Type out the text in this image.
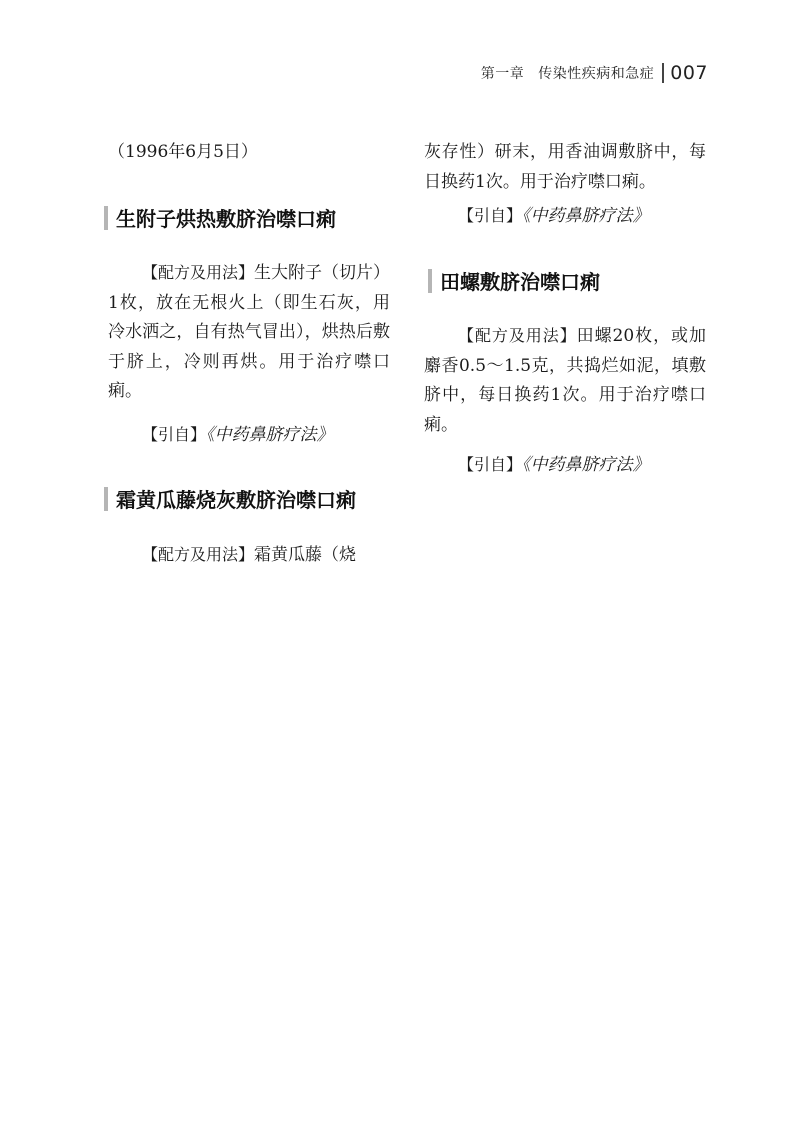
第一章 传染性疾病和急症 007

（1996年6月5日）

生附子烘热敷脐治噤口痢

【配方及用法】生大附子（切片）1枚，放在无根火上（即生石灰，用冷水洒之，自有热气冒出），烘热后敷于脐上，冷则再烘。用于治疗噤口痢。

【引自】《中药鼻脐疗法》

霜黄瓜藤烧灰敷脐治噤口痢

【配方及用法】霜黄瓜藤（烧

灰存性）研末，用香油调敷脐中，每日换药1次。用于治疗噤口痢。

【引自】《中药鼻脐疗法》

田螺敷脐治噤口痢

【配方及用法】田螺20枚，或加麝香0.5～1.5克，共捣烂如泥，填敷脐中，每日换药1次。用于治疗噤口痢。

【引自】《中药鼻脐疗法》
